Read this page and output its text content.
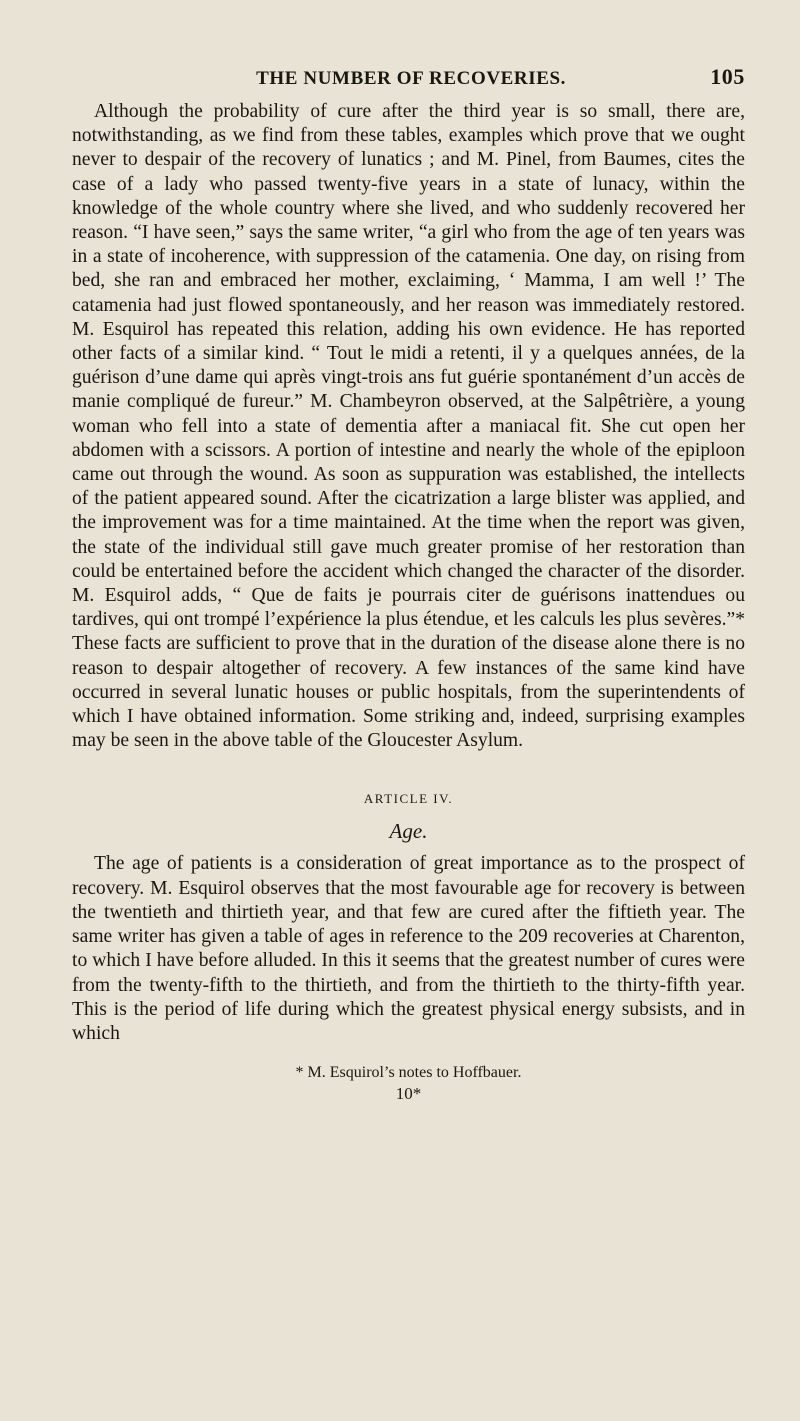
THE NUMBER OF RECOVERIES.	105

Although the probability of cure after the third year is so small, there are, notwithstanding, as we find from these tables, examples which prove that we ought never to despair of the recovery of lunatics ; and M. Pinel, from Baumes, cites the case of a lady who passed twenty-five years in a state of lunacy, within the knowledge of the whole country where she lived, and who suddenly recovered her reason. “I have seen,” says the same writer, “a girl who from the age of ten years was in a state of incoherence, with suppression of the catamenia. One day, on rising from bed, she ran and embraced her mother, exclaiming, ‘ Mamma, I am well !’ The catamenia had just flowed spontaneously, and her reason was immediately restored. M. Esquirol has repeated this relation, adding his own evidence. He has reported other facts of a similar kind. “ Tout le midi a retenti, il y a quelques années, de la guérison d’une dame qui après vingt-trois ans fut guérie spontanément d’un accès de manie compliqué de fureur.” M. Chambeyron observed, at the Salpêtrière, a young woman who fell into a state of dementia after a maniacal fit. She cut open her abdomen with a scissors. A portion of intestine and nearly the whole of the epiploon came out through the wound. As soon as suppuration was established, the intellects of the patient appeared sound. After the cicatrization a large blister was applied, and the improvement was for a time maintained. At the time when the report was given, the state of the individual still gave much greater promise of her restoration than could be entertained before the accident which changed the character of the disorder. M. Esquirol adds, “ Que de faits je pourrais citer de guérisons inattendues ou tardives, qui ont trompé l’expérience la plus étendue, et les calculs les plus sevères.”* These facts are sufficient to prove that in the duration of the disease alone there is no reason to despair altogether of recovery. A few instances of the same kind have occurred in several lunatic houses or public hospitals, from the superintendents of which I have obtained information. Some striking and, indeed, surprising examples may be seen in the above table of the Gloucester Asylum.

ARTICLE IV.
Age.

The age of patients is a consideration of great importance as to the prospect of recovery. M. Esquirol observes that the most favourable age for recovery is between the twentieth and thirtieth year, and that few are cured after the fiftieth year. The same writer has given a table of ages in reference to the 209 recoveries at Charenton, to which I have before alluded. In this it seems that the greatest number of cures were from the twenty-fifth to the thirtieth, and from the thirtieth to the thirty-fifth year. This is the period of life during which the greatest physical energy subsists, and in which

* M. Esquirol’s notes to Hoffbauer.
10*
